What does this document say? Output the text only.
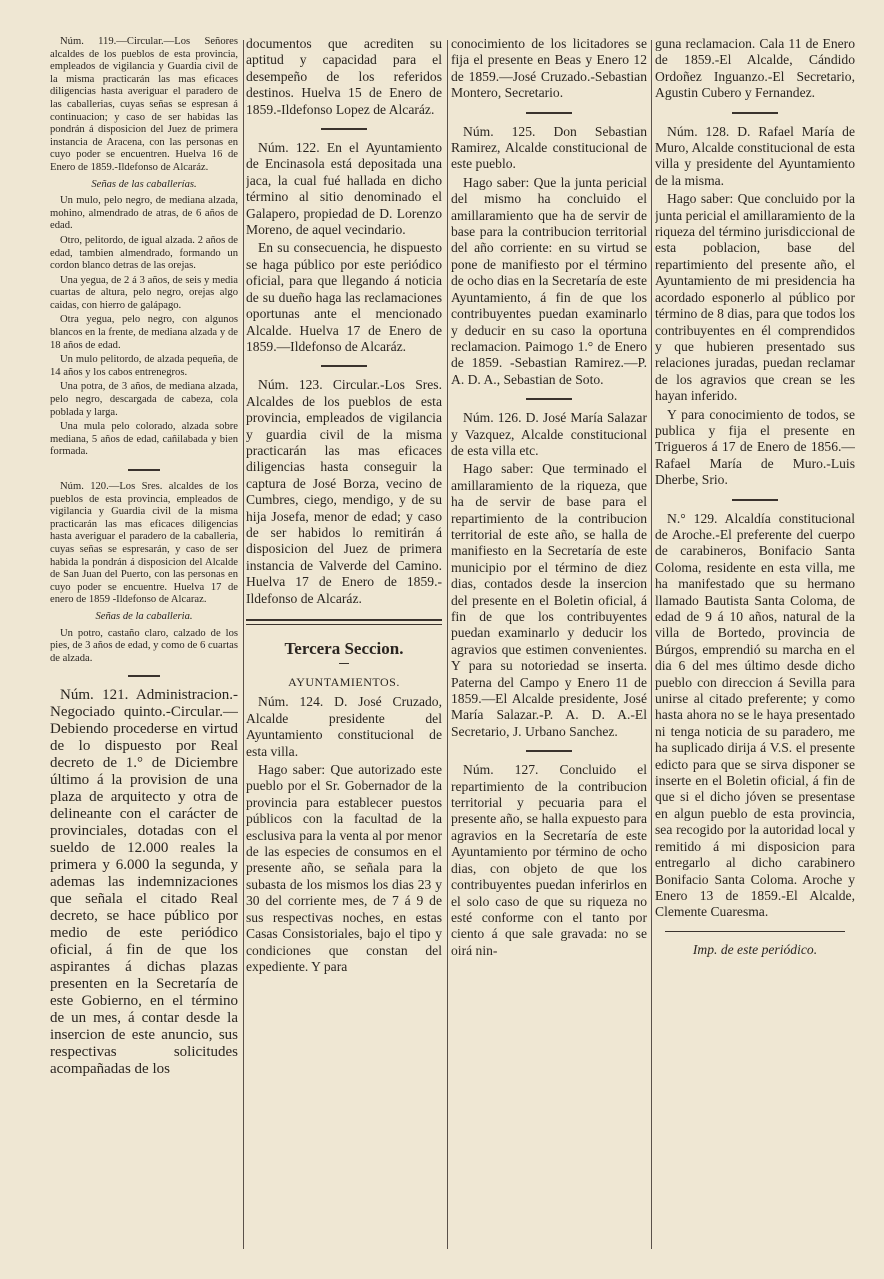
Núm. 119.—Circular.—Los Señores alcaldes de los pueblos de esta provincia, empleados de vigilancia y Guardia civil de la misma practicarán las mas eficaces diligencias hasta averiguar el paradero de las caballerias, cuyas señas se espresan á continuacion; y caso de ser habidas las pondrán á disposicion del Juez de primera instancia de Aracena, con las personas en cuyo poder se encuentren. Huelva 16 de Enero de 1859.-Ildefonso de Alcaráz.

Señas de las caballerías.

Un mulo, pelo negro, de mediana alzada, mohino, almendrado de atras, de 6 años de edad.

Otro, pelitordo, de igual alzada. 2 años de edad, tambien almendrado, formando un cordon blanco detras de las orejas.

Una yegua, de 2 á 3 años, de seis y media cuartas de altura, pelo negro, orejas algo caidas, con hierro de galápago.

Otra yegua, pelo negro, con algunos blancos en la frente, de mediana alzada y de 18 años de edad.

Un mulo pelitordo, de alzada pequeña, de 14 años y los cabos entrenegros.

Una potra, de 3 años, de mediana alzada, pelo negro, descargada de cabeza, cola poblada y larga.

Una mula pelo colorado, alzada sobre mediana, 5 años de edad, cañilabada y bien formada.

Núm. 120.—Los Sres. alcaldes de los pueblos de esta provincia, empleados de vigilancia y Guardia civil de la misma practicarán las mas eficaces diligencias hasta averiguar el paradero de la caballeria, cuyas señas se espresarán, y caso de ser habida la pondrán á disposicion del Alcalde de San Juan del Puerto, con las personas en cuyo poder se encuentre. Huelva 17 de enero de 1859 -Ildefonso de Alcaraz.

Señas de la caballeria.

Un potro, castaño claro, calzado de los pies, de 3 años de edad, y como de 6 cuartas de alzada.

Núm. 121. Administracion.-Negociado quinto.-Circular.—Debiendo procederse en virtud de lo dispuesto por Real decreto de 1.° de Diciembre último á la provision de una plaza de arquitecto y otra de delineante con el carácter de provinciales, dotadas con el sueldo de 12.000 reales la primera y 6.000 la segunda, y ademas las indemnizaciones que señala el citado Real decreto, se hace público por medio de este periódico oficial, á fin de que los aspirantes á dichas plazas presenten en la Secretaría de este Gobierno, en el término de un mes, á contar desde la insercion de este anuncio, sus respectivas solicitudes acompañadas de los

documentos que acrediten su aptitud y capacidad para el desempeño de los referidos destinos. Huelva 15 de Enero de 1859.-Ildefonso Lopez de Alcaráz.

Núm. 122. En el Ayuntamiento de Encinasola está depositada una jaca, la cual fué hallada en dicho término al sitio denominado el Galapero, propiedad de D. Lorenzo Moreno, de aquel vecindario.

En su consecuencia, he dispuesto se haga público por este periódico oficial, para que llegando á noticia de su dueño haga las reclamaciones oportunas ante el mencionado Alcalde. Huelva 17 de Enero de 1859.—Ildefonso de Alcaráz.

Núm. 123. Circular.-Los Sres. Alcaldes de los pueblos de esta provincia, empleados de vigilancia y guardia civil de la misma practicarán las mas eficaces diligencias hasta conseguir la captura de José Borza, vecino de Cumbres, ciego, mendigo, y de su hija Josefa, menor de edad; y caso de ser habidos lo remitirán á disposicion del Juez de primera instancia de Valverde del Camino. Huelva 17 de Enero de 1859.-Ildefonso de Alcaráz.

Tercera Seccion.
AYUNTAMIENTOS.

Núm. 124. D. José Cruzado, Alcalde presidente del Ayuntamiento constitucional de esta villa.

Hago saber: Que autorizado este pueblo por el Sr. Gobernador de la provincia para establecer puestos públicos con la facultad de la esclusiva para la venta al por menor de las especies de consumos en el presente año, se señala para la subasta de los mismos los dias 23 y 30 del corriente mes, de 7 á 9 de sus respectivas noches, en estas Casas Consistoriales, bajo el tipo y condiciones que constan del expediente. Y para

conocimiento de los licitadores se fija el presente en Beas y Enero 12 de 1859.—José Cruzado.-Sebastian Montero, Secretario.

Núm. 125. Don Sebastian Ramirez, Alcalde constitucional de este pueblo.

Hago saber: Que la junta pericial del mismo ha concluido el amillaramiento que ha de servir de base para la contribucion territorial del año corriente: en su virtud se pone de manifiesto por el término de ocho dias en la Secretaría de este Ayuntamiento, á fin de que los contribuyentes puedan examinarlo y deducir en su caso la oportuna reclamacion. Paimogo 1.° de Enero de 1859. -Sebastian Ramirez.—P. A. D. A., Sebastian de Soto.

Núm. 126. D. José María Salazar y Vazquez, Alcalde constitucional de esta villa etc.

Hago saber: Que terminado el amillaramiento de la riqueza, que ha de servir de base para el repartimiento de la contribucion territorial de este año, se halla de manifiesto en la Secretaría de este municipio por el término de diez dias, contados desde la insercion del presente en el Boletin oficial, á fin de que los contribuyentes puedan examinarlo y deducir los agravios que estimen convenientes. Y para su notoriedad se inserta. Paterna del Campo y Enero 11 de 1859.—El Alcalde presidente, José María Salazar.-P. A. D. A.-El Secretario, J. Urbano Sanchez.

Núm. 127. Concluido el repartimiento de la contribucion territorial y pecuaria para el presente año, se halla expuesto para agravios en la Secretaría de este Ayuntamiento por término de ocho dias, con objeto de que los contribuyentes puedan inferirlos en el solo caso de que su riqueza no esté conforme con el tanto por ciento á que sale gravada: no se oirá nin-

guna reclamacion. Cala 11 de Enero de 1859.-El Alcalde, Cándido Ordoñez Inguanzo.-El Secretario, Agustin Cubero y Fernandez.

Núm. 128. D. Rafael María de Muro, Alcalde constitucional de esta villa y presidente del Ayuntamiento de la misma.

Hago saber: Que concluido por la junta pericial el amillaramiento de la riqueza del término jurisdiccional de esta poblacion, base del repartimiento del presente año, el Ayuntamiento de mi presidencia ha acordado esponerlo al público por término de 8 dias, para que todos los contribuyentes en él comprendidos y que hubieren presentado sus relaciones juradas, puedan reclamar de los agravios que crean se les hayan inferido.

Y para conocimiento de todos, se publica y fija el presente en Trigueros á 17 de Enero de 1856.—Rafael María de Muro.-Luis Dherbe, Srio.

N.° 129. Alcaldía constitucional de Aroche.-El preferente del cuerpo de carabineros, Bonifacio Santa Coloma, residente en esta villa, me ha manifestado que su hermano llamado Bautista Santa Coloma, de edad de 9 á 10 años, natural de la villa de Bortedo, provincia de Búrgos, emprendió su marcha en el dia 6 del mes último desde dicho pueblo con direccion á Sevilla para unirse al citado preferente; y como hasta ahora no se le haya presentado ni tenga noticia de su paradero, me ha suplicado dirija á V.S. el presente edicto para que se sirva disponer se inserte en el Boletin oficial, á fin de que si el dicho jóven se presentase en algun pueblo de esta provincia, sea recogido por la autoridad local y remitido á mi disposicion para entregarlo al dicho carabinero Bonifacio Santa Coloma. Aroche y Enero 13 de 1859.-El Alcalde, Clemente Cuaresma.

Imp. de este periódico.
